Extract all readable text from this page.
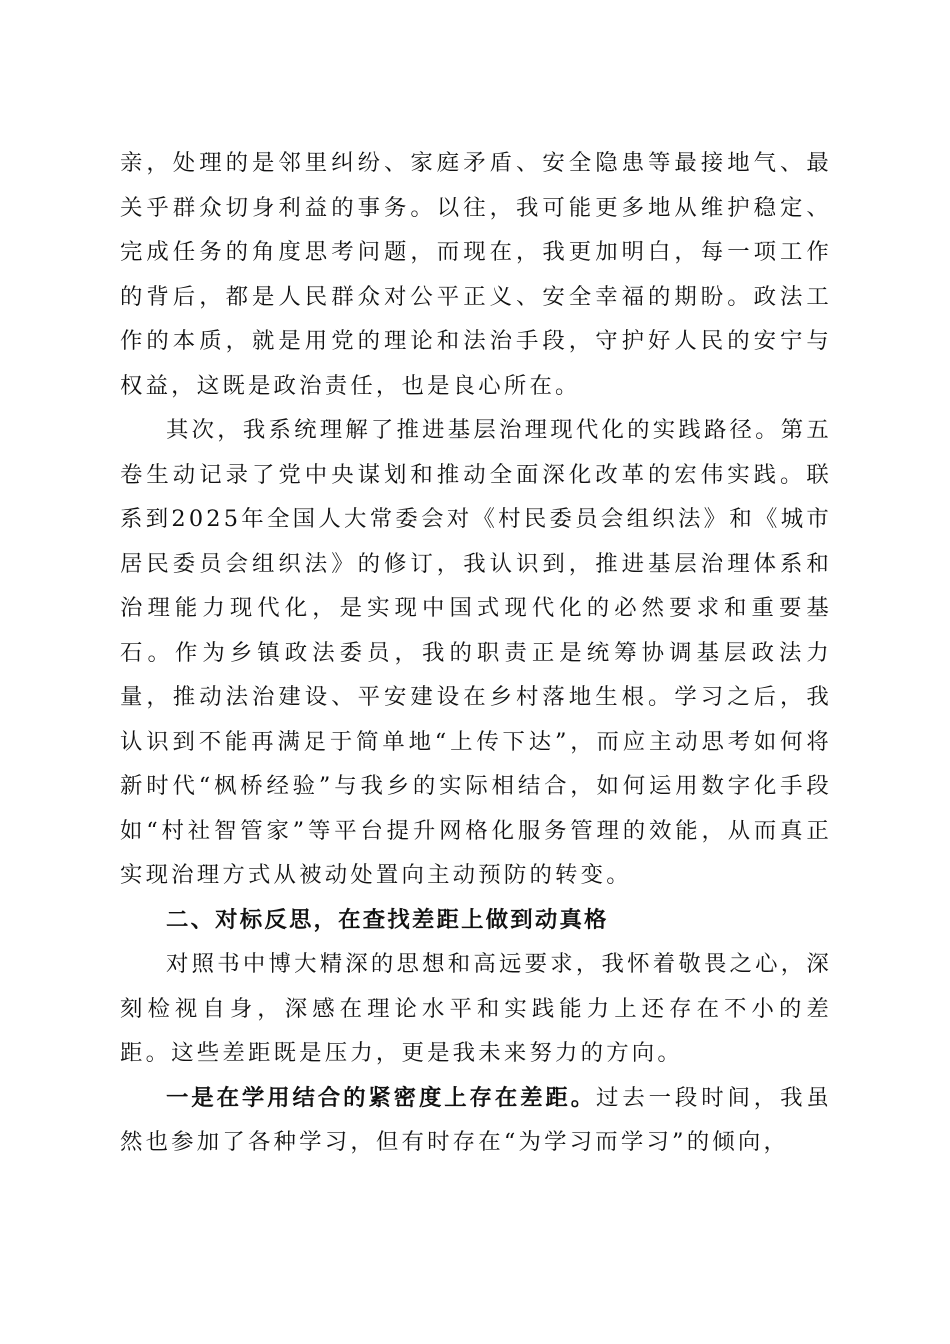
亲，处理的是邻里纠纷、家庭矛盾、安全隐患等最接地气、最关乎群众切身利益的事务。以往，我可能更多地从维护稳定、完成任务的角度思考问题，而现在，我更加明白，每一项工作的背后，都是人民群众对公平正义、安全幸福的期盼。政法工作的本质，就是用党的理论和法治手段，守护好人民的安宁与权益，这既是政治责任，也是良心所在。

其次，我系统理解了推进基层治理现代化的实践路径。第五卷生动记录了党中央谋划和推动全面深化改革的宏伟实践。联系到2025年全国人大常委会对《村民委员会组织法》和《城市居民委员会组织法》的修订，我认识到，推进基层治理体系和治理能力现代化，是实现中国式现代化的必然要求和重要基石。作为乡镇政法委员，我的职责正是统筹协调基层政法力量，推动法治建设、平安建设在乡村落地生根。学习之后，我认识到不能再满足于简单地“上传下达”，而应主动思考如何将新时代“枫桥经验”与我乡的实际相结合，如何运用数字化手段如“村社智管家”等平台提升网格化服务管理的效能，从而真正实现治理方式从被动处置向主动预防的转变。

二、对标反思，在查找差距上做到动真格

对照书中博大精深的思想和高远要求，我怀着敬畏之心，深刻检视自身，深感在理论水平和实践能力上还存在不小的差距。这些差距既是压力，更是我未来努力的方向。

一是在学用结合的紧密度上存在差距。过去一段时间，我虽然也参加了各种学习，但有时存在“为学习而学习”的倾向，
